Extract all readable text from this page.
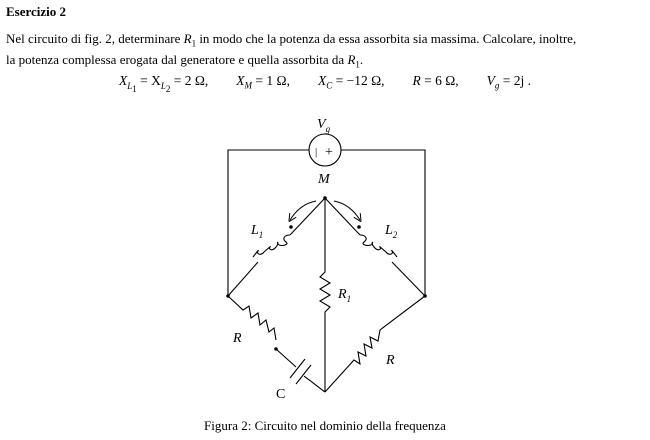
Esercizio 2
Nel circuito di fig. 2, determinare $R_1$ in modo che la potenza da essa assorbita sia massima. Calcolare, inoltre,
la potenza complessa erogata dal generatore e quella assorbita da $R_1$.
$X_{L_1} = X_{L_2} = 2$ Ω, $X_M = 1$ Ω, $X_C = -12$ Ω, R = 6 Ω, $V_g = 2j$ .
| +
$V_g$
M
$L_1$	$L_2$
$R_1$
R
C
R
Figura 2: Circuito nel dominio della frequenza
